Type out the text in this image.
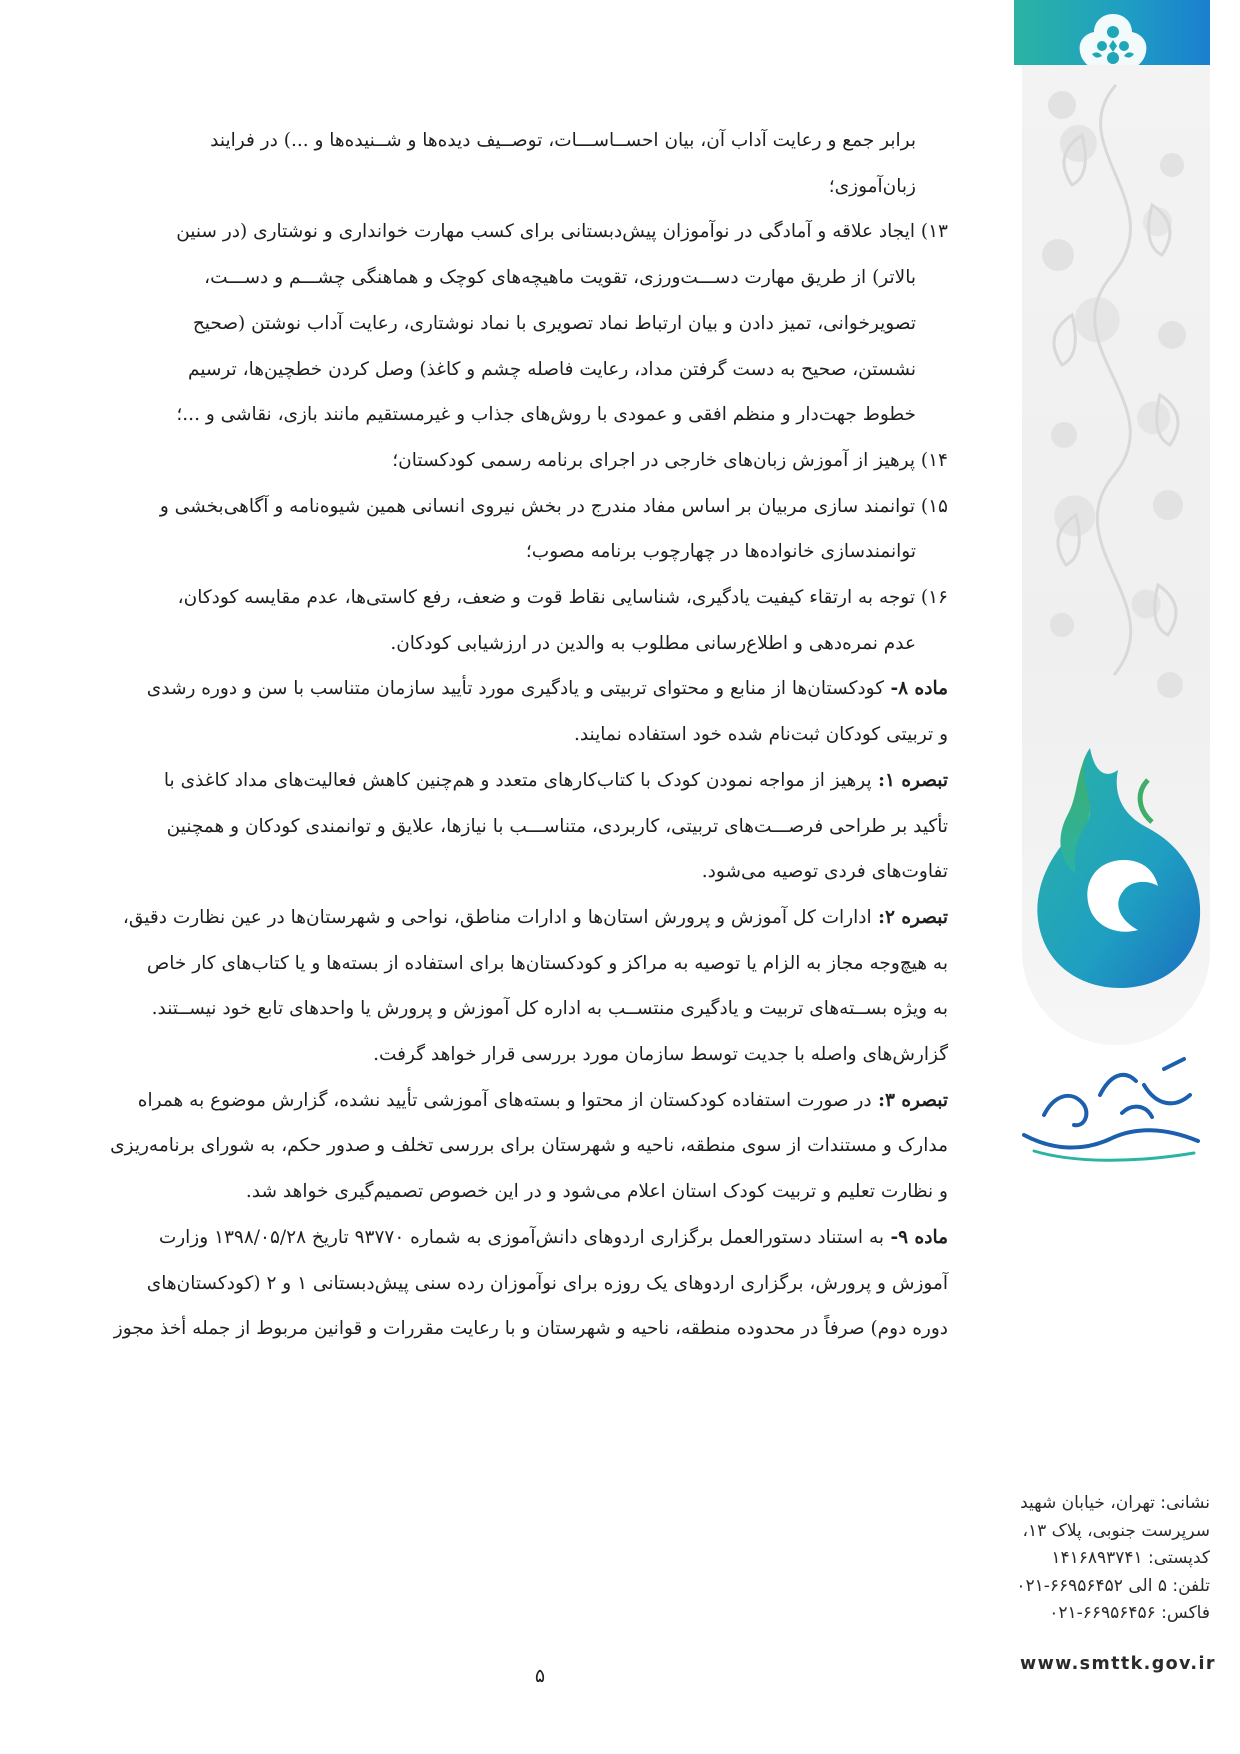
نشانی: تهران، خیابان شهید
سرپرست جنوبی، پلاک ۱۳،
کدپستی: ۱۴۱۶۸۹۳۷۴۱
تلفن: ۵ الی ۶۶۹۵۶۴۵۲-۰۲۱
فاکس: ۶۶۹۵۶۴۵۶-۰۲۱
www.smttk.gov.ir

برابر جمع و رعایت آداب آن، بیان احســاســـات، توصــیف دیده‌ها و شــنیده‌ها و ...) در فرایند

زبان‌آموزی؛

۱۳) ایجاد علاقه و آمادگی در نوآموزان پیش‌دبستانی برای کسب مهارت خوانداری و نوشتاری (در سنین

بالاتر) از طریق مهارت دســـت‌ورزی، تقویت ماهیچه‌های کوچک و هماهنگی چشـــم و دســـت،

تصویرخوانی، تمیز دادن و بیان ارتباط نماد تصویری با نماد نوشتاری، رعایت آداب نوشتن (صحیح

نشستن، صحیح به دست گرفتن مداد، رعایت فاصله چشم و کاغذ) وصل کردن خطچین‌ها، ترسیم

خطوط جهت‌دار و منظم افقی و عمودی با روش‌های جذاب و غیرمستقیم مانند بازی، نقاشی و ...؛

۱۴) پرهیز از آموزش زبان‌های خارجی در اجرای برنامه رسمی کودکستان؛

۱۵) توانمند سازی مربیان بر اساس مفاد مندرج در بخش نیروی انسانی همین شیوه‌نامه و آگاهی‌بخشی و

توانمندسازی خانواده‌ها در چهارچوب برنامه مصوب؛

۱۶) توجه به ارتقاء کیفیت یادگیری، شناسایی نقاط قوت و ضعف، رفع کاستی‌ها، عدم مقایسه کودکان،

عدم نمره‌دهی و اطلاع‌رسانی مطلوب به والدین در ارزشیابی کودکان.

ماده ۸- کودکستان‌ها از منابع و محتوای تربیتی و یادگیری مورد تأیید سازمان متناسب با سن و دوره رشدی

و تربیتی کودکان ثبت‌نام شده خود استفاده نمایند.

تبصره ۱: پرهیز از مواجه نمودن کودک با کتاب‌کارهای متعدد و هم‌چنین کاهش فعالیت‌های مداد کاغذی با

تأکید بر طراحی فرصـــت‌های تربیتی، کاربردی، متناســـب با نیازها، علایق و توانمندی کودکان و همچنین

تفاوت‌های فردی توصیه می‌شود.

تبصره ۲: ادارات کل آموزش و پرورش استان‌ها و ادارات مناطق، نواحی و شهرستان‌ها در عین نظارت دقیق،

به هیچ‌وجه مجاز به الزام یا توصیه به مراکز و کودکستان‌ها برای استفاده از بسته‌ها و یا کتاب‌های کار خاص

به ویژه بســته‌های تربیت و یادگیری منتســب به اداره کل آموزش و پرورش یا واحدهای تابع خود نیســتند.

گزارش‌های واصله با جدیت توسط سازمان مورد بررسی قرار خواهد گرفت.

تبصره ۳: در صورت استفاده کودکستان از محتوا و بسته‌های آموزشی تأیید نشده، گزارش موضوع به همراه

مدارک و مستندات از سوی منطقه، ناحیه و شهرستان برای بررسی تخلف و صدور حکم، به شورای برنامه‌ریزی

و نظارت تعلیم و تربیت کودک استان اعلام می‌شود و در این خصوص تصمیم‌گیری خواهد شد.

ماده ۹- به استناد دستورالعمل برگزاری اردوهای دانش‌آموزی به شماره ۹۳۷۷۰ تاریخ ۱۳۹۸/۰۵/۲۸ وزارت

آموزش و پرورش، برگزاری اردوهای یک روزه برای نوآموزان رده سنی پیش‌دبستانی ۱ و ۲ (کودکستان‌های

دوره دوم) صرفاً در محدوده منطقه، ناحیه و شهرستان و با رعایت مقررات و قوانین مربوط از جمله أخذ مجوز

۵
